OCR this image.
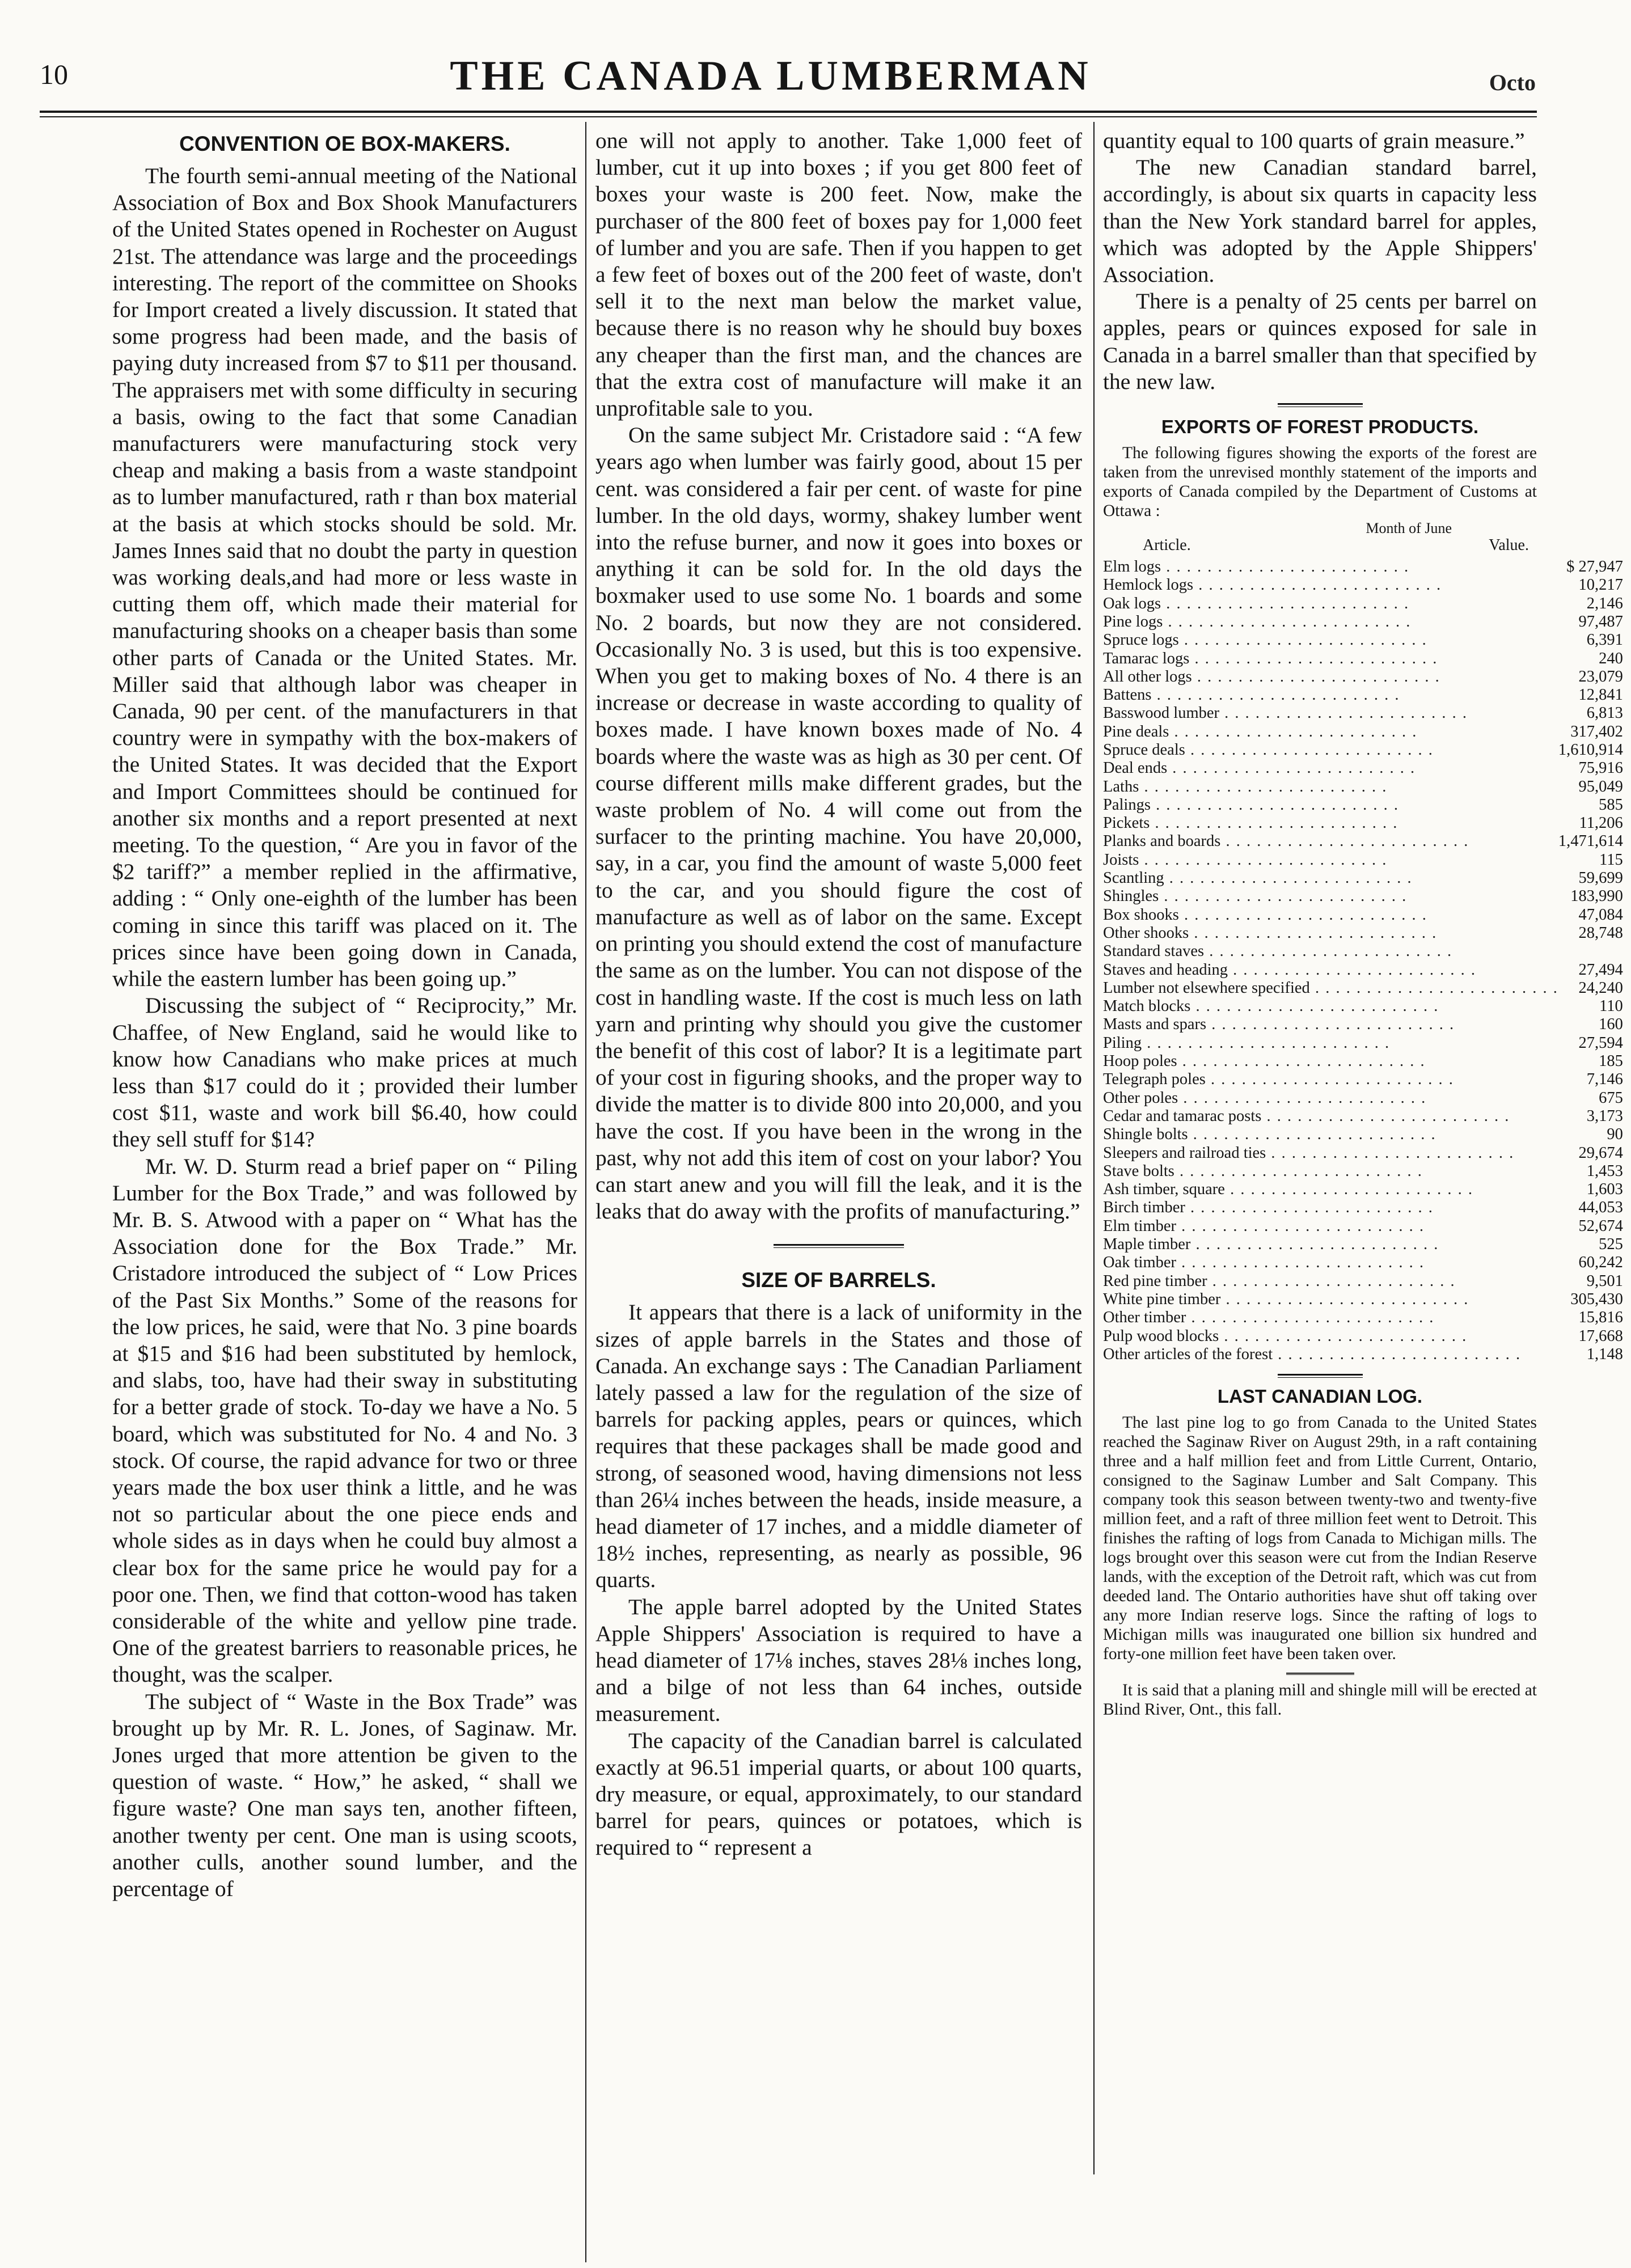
10	THE CANADA LUMBERMAN	Octo
CONVENTION OE BOX-MAKERS.

The fourth semi-annual meeting of the National Association of Box and Box Shook Manufacturers of the United States opened in Rochester on August 21st. The attendance was large and the proceedings interesting. The report of the committee on Shooks for Import created a lively discussion. It stated that some progress had been made, and the basis of paying duty increased from $7 to $11 per thousand. The appraisers met with some difficulty in securing a basis, owing to the fact that some Canadian manufacturers were manufacturing stock very cheap and making a basis from a waste standpoint as to lumber manufactured, rath r than box material at the basis at which stocks should be sold. Mr. James Innes said that no doubt the party in question was working deals,and had more or less waste in cutting them off, which made their material for manufacturing shooks on a cheaper basis than some other parts of Canada or the United States. Mr. Miller said that although labor was cheaper in Canada, 90 per cent. of the manufacturers in that country were in sympathy with the box-makers of the United States. It was decided that the Export and Import Committees should be continued for another six months and a report presented at next meeting. To the question, “ Are you in favor of the $2 tariff?” a member replied in the affirmative, adding : “ Only one-eighth of the lumber has been coming in since this tariff was placed on it. The prices since have been going down in Canada, while the eastern lumber has been going up.”

Discussing the subject of “ Reciprocity,” Mr. Chaffee, of New England, said he would like to know how Canadians who make prices at much less than $17 could do it ; provided their lumber cost $11, waste and work bill $6.40, how could they sell stuff for $14?

Mr. W. D. Sturm read a brief paper on “ Piling Lumber for the Box Trade,” and was followed by Mr. B. S. Atwood with a paper on “ What has the Association done for the Box Trade.” Mr. Cristadore introduced the subject of “ Low Prices of the Past Six Months.” Some of the reasons for the low prices, he said, were that No. 3 pine boards at $15 and $16 had been substituted by hemlock, and slabs, too, have had their sway in substituting for a better grade of stock. To-day we have a No. 5 board, which was substituted for No. 4 and No. 3 stock. Of course, the rapid advance for two or three years made the box user think a little, and he was not so particular about the one piece ends and whole sides as in days when he could buy almost a clear box for the same price he would pay for a poor one. Then, we find that cotton-wood has taken considerable of the white and yellow pine trade. One of the greatest barriers to reasonable prices, he thought, was the scalper.

The subject of “ Waste in the Box Trade” was brought up by Mr. R. L. Jones, of Saginaw. Mr. Jones urged that more attention be given to the question of waste. “ How,” he asked, “ shall we figure waste? One man says ten, another fifteen, another twenty per cent. One man is using scoots, another culls, another sound lumber, and the percentage of

one will not apply to another. Take 1,000 feet of lumber, cut it up into boxes ; if you get 800 feet of boxes your waste is 200 feet. Now, make the purchaser of the 800 feet of boxes pay for 1,000 feet of lumber and you are safe. Then if you happen to get a few feet of boxes out of the 200 feet of waste, don't sell it to the next man below the market value, because there is no reason why he should buy boxes any cheaper than the first man, and the chances are that the extra cost of manufacture will make it an unprofitable sale to you.

On the same subject Mr. Cristadore said : “A few years ago when lumber was fairly good, about 15 per cent. was considered a fair per cent. of waste for pine lumber. In the old days, wormy, shakey lumber went into the refuse burner, and now it goes into boxes or anything it can be sold for. In the old days the boxmaker used to use some No. 1 boards and some No. 2 boards, but now they are not considered. Occasionally No. 3 is used, but this is too expensive. When you get to making boxes of No. 4 there is an increase or decrease in waste according to quality of boxes made. I have known boxes made of No. 4 boards where the waste was as high as 30 per cent. Of course different mills make different grades, but the waste problem of No. 4 will come out from the surfacer to the printing machine. You have 20,000, say, in a car, you find the amount of waste 5,000 feet to the car, and you should figure the cost of manufacture as well as of labor on the same. Except on printing you should extend the cost of manufacture the same as on the lumber. You can not dispose of the cost in handling waste. If the cost is much less on lath yarn and printing why should you give the customer the benefit of this cost of labor? It is a legitimate part of your cost in figuring shooks, and the proper way to divide the matter is to divide 800 into 20,000, and you have the cost. If you have been in the wrong in the past, why not add this item of cost on your labor? You can start anew and you will fill the leak, and it is the leaks that do away with the profits of manufacturing.”

SIZE OF BARRELS.

It appears that there is a lack of uniformity in the sizes of apple barrels in the States and those of Canada. An exchange says : The Canadian Parliament lately passed a law for the regulation of the size of barrels for packing apples, pears or quinces, which requires that these packages shall be made good and strong, of seasoned wood, having dimensions not less than 26¼ inches between the heads, inside measure, a head diameter of 17 inches, and a middle diameter of 18½ inches, representing, as nearly as possible, 96 quarts.

The apple barrel adopted by the United States Apple Shippers' Association is required to have a head diameter of 17⅛ inches, staves 28⅛ inches long, and a bilge of not less than 64 inches, outside measurement.

The capacity of the Canadian barrel is calculated exactly at 96.51 imperial quarts, or about 100 quarts, dry measure, or equal, approximately, to our standard barrel for pears, quinces or potatoes, which is required to “ represent a

quantity equal to 100 quarts of grain measure.”

The new Canadian standard barrel, accordingly, is about six quarts in capacity less than the New York standard barrel for apples, which was adopted by the Apple Shippers' Association.

There is a penalty of 25 cents per barrel on apples, pears or quinces exposed for sale in Canada in a barrel smaller than that specified by the new law.

EXPORTS OF FOREST PRODUCTS.

The following figures showing the exports of the forest are taken from the unrevised monthly statement of the imports and exports of Canada compiled by the Department of Customs at Ottawa :

Month of June
Article.	Value.
Elm logs . . . . . . . . . . . . . . . . . . . . . . . .	$ 27,947
Hemlock logs . . . . . . . . . . . . . . . . . . . . . . . .	10,217
Oak logs . . . . . . . . . . . . . . . . . . . . . . . .	2,146
Pine logs . . . . . . . . . . . . . . . . . . . . . . . .	97,487
Spruce logs . . . . . . . . . . . . . . . . . . . . . . . .	6,391
Tamarac logs . . . . . . . . . . . . . . . . . . . . . . . .	240
All other logs . . . . . . . . . . . . . . . . . . . . . . . .	23,079
Battens . . . . . . . . . . . . . . . . . . . . . . . .	12,841
Basswood lumber . . . . . . . . . . . . . . . . . . . . . . . .	6,813
Pine deals . . . . . . . . . . . . . . . . . . . . . . . .	317,402
Spruce deals . . . . . . . . . . . . . . . . . . . . . . . .	1,610,914
Deal ends . . . . . . . . . . . . . . . . . . . . . . . .	75,916
Laths . . . . . . . . . . . . . . . . . . . . . . . .	95,049
Palings . . . . . . . . . . . . . . . . . . . . . . . .	585
Pickets . . . . . . . . . . . . . . . . . . . . . . . .	11,206
Planks and boards . . . . . . . . . . . . . . . . . . . . . . . .	1,471,614
Joists . . . . . . . . . . . . . . . . . . . . . . . .	115
Scantling . . . . . . . . . . . . . . . . . . . . . . . .	59,699
Shingles . . . . . . . . . . . . . . . . . . . . . . . .	183,990
Box shooks . . . . . . . . . . . . . . . . . . . . . . . .	47,084
Other shooks . . . . . . . . . . . . . . . . . . . . . . . .	28,748
Standard staves . . . . . . . . . . . . . . . . . . . . . . . .	
Staves and heading . . . . . . . . . . . . . . . . . . . . . . . .	27,494
Lumber not elsewhere specified . . . . . . . . . . . . . . . . . . . . . . . .	24,240
Match blocks . . . . . . . . . . . . . . . . . . . . . . . .	110
Masts and spars . . . . . . . . . . . . . . . . . . . . . . . .	160
Piling . . . . . . . . . . . . . . . . . . . . . . . .	27,594
Hoop poles . . . . . . . . . . . . . . . . . . . . . . . .	185
Telegraph poles . . . . . . . . . . . . . . . . . . . . . . . .	7,146
Other poles . . . . . . . . . . . . . . . . . . . . . . . .	675
Cedar and tamarac posts . . . . . . . . . . . . . . . . . . . . . . . .	3,173
Shingle bolts . . . . . . . . . . . . . . . . . . . . . . . .	90
Sleepers and railroad ties . . . . . . . . . . . . . . . . . . . . . . . .	29,674
Stave bolts . . . . . . . . . . . . . . . . . . . . . . . .	1,453
Ash timber, square . . . . . . . . . . . . . . . . . . . . . . . .	1,603
Birch timber . . . . . . . . . . . . . . . . . . . . . . . .	44,053
Elm timber . . . . . . . . . . . . . . . . . . . . . . . .	52,674
Maple timber . . . . . . . . . . . . . . . . . . . . . . . .	525
Oak timber . . . . . . . . . . . . . . . . . . . . . . . .	60,242
Red pine timber . . . . . . . . . . . . . . . . . . . . . . . .	9,501
White pine timber . . . . . . . . . . . . . . . . . . . . . . . .	305,430
Other timber . . . . . . . . . . . . . . . . . . . . . . . .	15,816
Pulp wood blocks . . . . . . . . . . . . . . . . . . . . . . . .	17,668
Other articles of the forest . . . . . . . . . . . . . . . . . . . . . . . .	1,148
LAST CANADIAN LOG.

The last pine log to go from Canada to the United States reached the Saginaw River on August 29th, in a raft containing three and a half million feet and from Little Current, Ontario, consigned to the Saginaw Lumber and Salt Company. This company took this season between twenty-two and twenty-five million feet, and a raft of three million feet went to Detroit. This finishes the rafting of logs from Canada to Michigan mills. The logs brought over this season were cut from the Indian Reserve lands, with the exception of the Detroit raft, which was cut from deeded land. The Ontario authorities have shut off taking over any more Indian reserve logs. Since the rafting of logs to Michigan mills was inaugurated one billion six hundred and forty-one million feet have been taken over.

It is said that a planing mill and shingle mill will be erected at Blind River, Ont., this fall.
